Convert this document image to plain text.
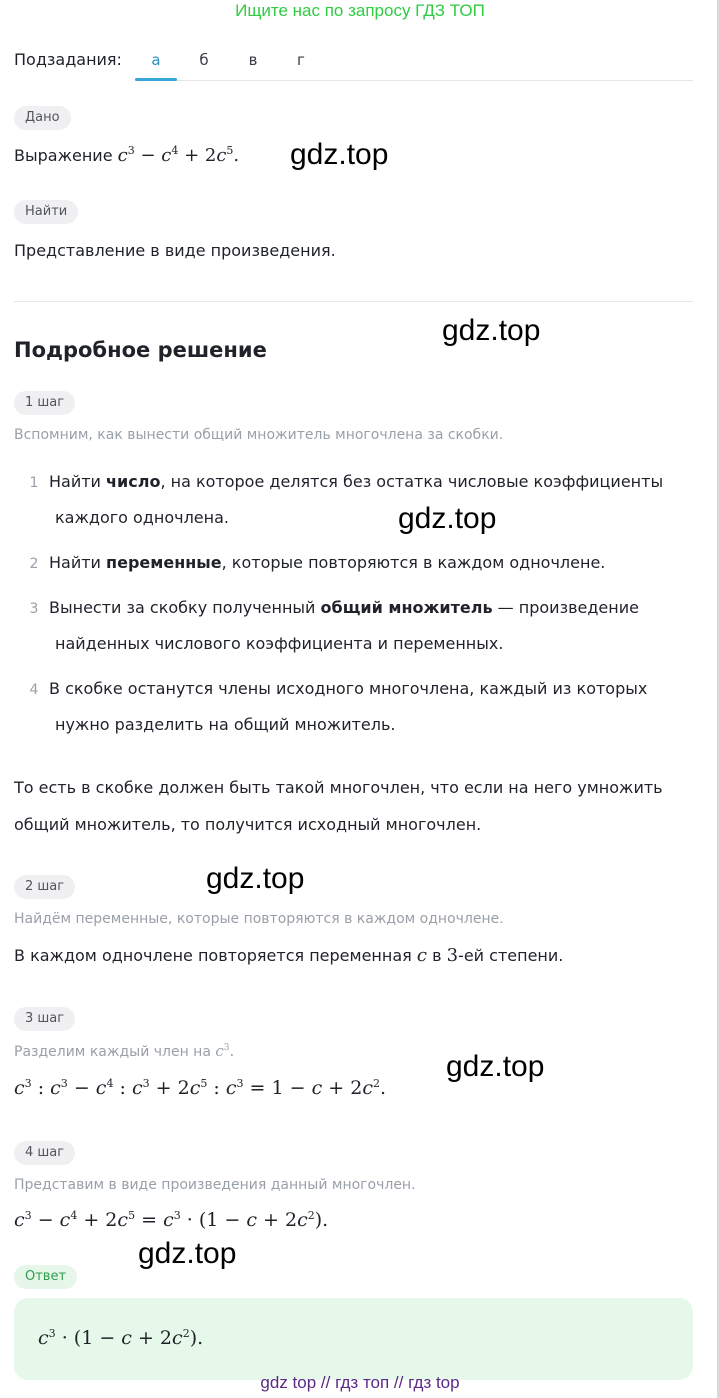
Ищите нас по запросу ГДЗ ТОП
Подзадания:	а	б	в	г
Дано
Выражение $c^3 - c^4 + 2c^5$. gdz.top
Найти
Представление в виде произведения.
gdz.top
Подробное решение
1 шаг
Вспомним, как вынести общий множитель многочлена за скобки.
1 Найти число, на которое делятся без остатка числовые коэффициенты
каждого одночлена.	gdz.top
2 Найти переменные, которые повторяются в каждом одночлене.
3 Вынести за скобку полученный общий множитель — произведение
найденных числового коэффициента и переменных.
4 В скобке останутся члены исходного многочлена, каждый из которых
нужно разделить на общий множитель.
То есть в скобке должен быть такой многочлен, что если на него умножить
общий множитель, то получится исходный многочлен.
gdz.top
2 шаг
Найдём переменные, которые повторяются в каждом одночлене.
В каждом одночлене повторяется переменная c в 3-ей степени.
3 шаг
Разделим каждый член на $c^3$.	gdz.top
$c^3$ : $c^3 - c^4$ : $c^3 + 2c^5$ : $c^3 = 1 - c + 2c^2$.
4 шаг
Представим в виде произведения данный многочлен.
$c^3 - c^4 + 2c^5 = c^3 \cdot (1 - c + 2c^2)$.
gdz.top
Ответ
$c^3 \cdot (1 - c + 2c^2)$.
gdz top // гдз топ // гдз top
